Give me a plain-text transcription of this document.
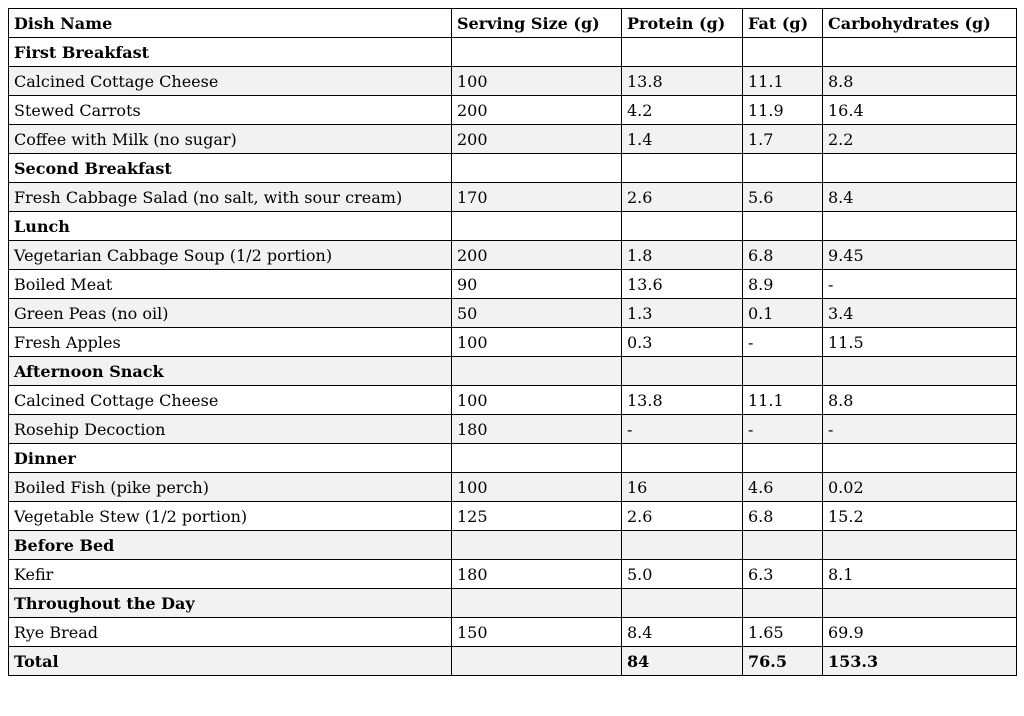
Dish Name	Serving Size (g)	Protein (g)	Fat (g)	Carbohydrates (g)
First Breakfast				
Calcined Cottage Cheese	100	13.8	11.1	8.8
Stewed Carrots	200	4.2	11.9	16.4
Coffee with Milk (no sugar)	200	1.4	1.7	2.2
Second Breakfast				
Fresh Cabbage Salad (no salt, with sour cream)	170	2.6	5.6	8.4
Lunch				
Vegetarian Cabbage Soup (1/2 portion)	200	1.8	6.8	9.45
Boiled Meat	90	13.6	8.9	-
Green Peas (no oil)	50	1.3	0.1	3.4
Fresh Apples	100	0.3	-	11.5
Afternoon Snack				
Calcined Cottage Cheese	100	13.8	11.1	8.8
Rosehip Decoction	180	-	-	-
Dinner				
Boiled Fish (pike perch)	100	16	4.6	0.02
Vegetable Stew (1/2 portion)	125	2.6	6.8	15.2
Before Bed				
Kefir	180	5.0	6.3	8.1
Throughout the Day				
Rye Bread	150	8.4	1.65	69.9
Total		84	76.5	153.3
